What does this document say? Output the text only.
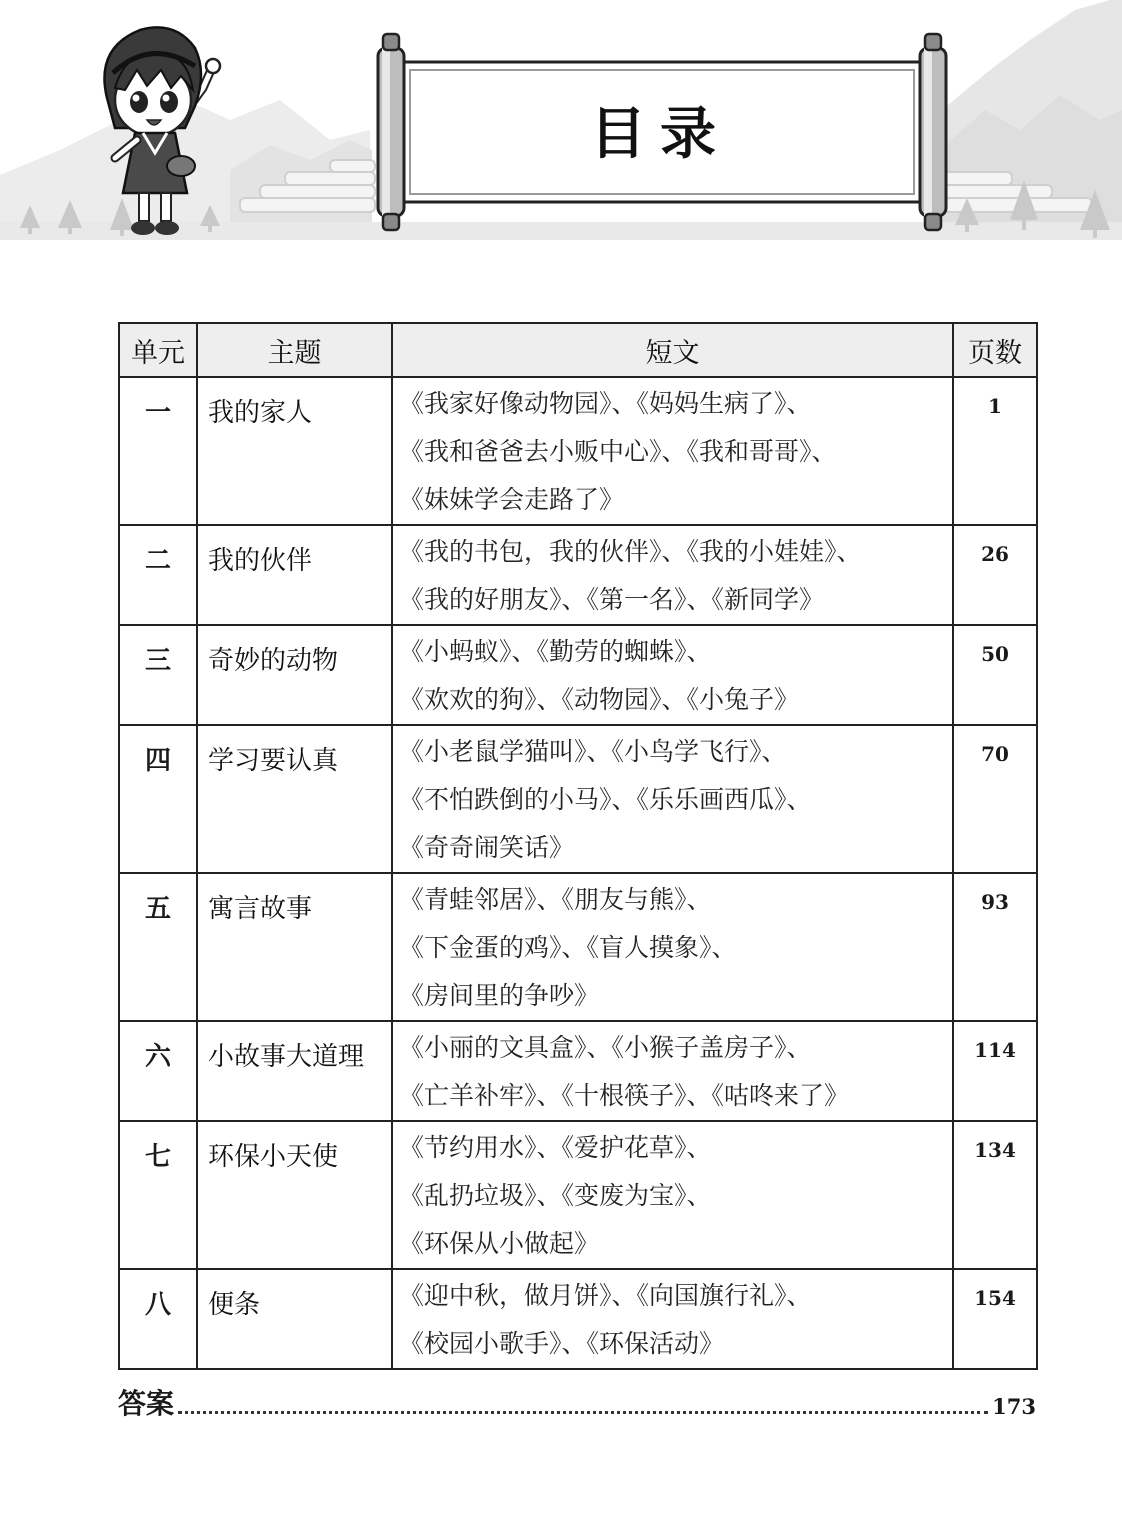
目录
单元	主题	短文	页数
一	我的家人	《我家好像动物园》、《妈妈生病了》、
《我和爸爸去小贩中心》、《我和哥哥》、
《妹妹学会走路了》	1
二	我的伙伴	《我的书包，我的伙伴》、《我的小娃娃》、
《我的好朋友》、《第一名》、《新同学》	26
三	奇妙的动物	《小蚂蚁》、《勤劳的蜘蛛》、
《欢欢的狗》、《动物园》、《小兔子》	50
四	学习要认真	《小老鼠学猫叫》、《小鸟学飞行》、
《不怕跌倒的小马》、《乐乐画西瓜》、
《奇奇闹笑话》	70
五	寓言故事	《青蛙邻居》、《朋友与熊》、
《下金蛋的鸡》、《盲人摸象》、
《房间里的争吵》	93
六	小故事大道理	《小丽的文具盒》、《小猴子盖房子》、
《亡羊补牢》、《十根筷子》、《咕咚来了》	114
七	环保小天使	《节约用水》、《爱护花草》、
《乱扔垃圾》、《变废为宝》、
《环保从小做起》	134
八	便条	《迎中秋，做月饼》、《向国旗行礼》、
《校园小歌手》、《环保活动》	154
答案	173
